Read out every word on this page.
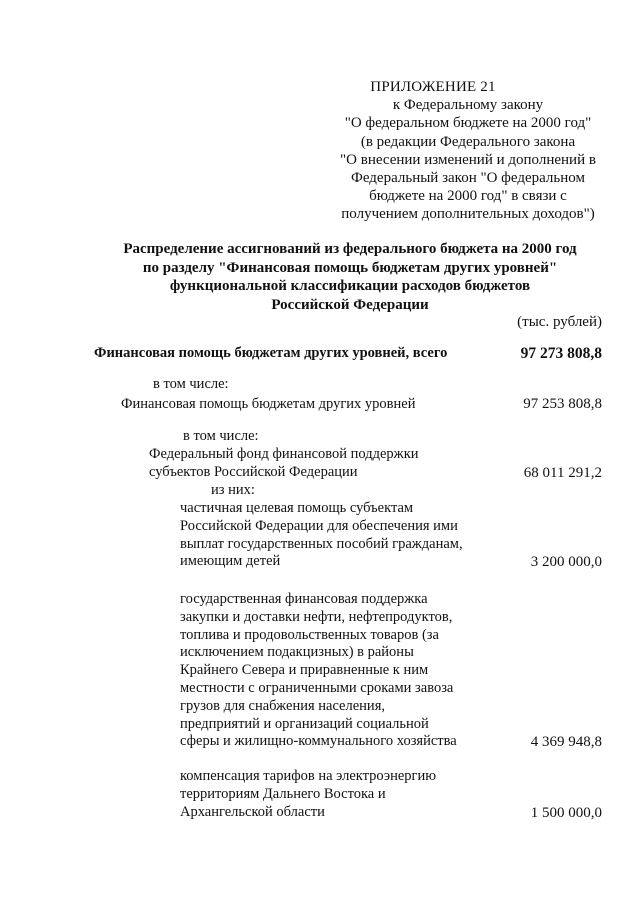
ПРИЛОЖЕНИЕ 21
к Федеральному закону
"О федеральном бюджете на 2000 год"
(в редакции Федерального закона
"О внесении изменений и дополнений в
Федеральный закон "О федеральном
бюджете на 2000 год" в связи с
получением дополнительных доходов")
Распределение ассигнований из федерального бюджета на 2000 год
по разделу "Финансовая помощь бюджетам других уровней"
функциональной классификации расходов бюджетов
Российской Федерации
(тыс. рублей)
Финансовая помощь бюджетам других уровней, всего	97 273 808,8
в том числе:
Финансовая помощь бюджетам других уровней	97 253 808,8
в том числе:
Федеральный фонд финансовой поддержки
субъектов Российской Федерации	68 011 291,2
из них:
частичная целевая помощь субъектам
Российской Федерации для обеспечения ими
выплат государственных пособий гражданам,
имеющим детей	3 200 000,0
государственная финансовая поддержка
закупки и доставки нефти, нефтепродуктов,
топлива и продовольственных товаров (за
исключением подакцизных) в районы
Крайнего Севера и приравненные к ним
местности с ограниченными сроками завоза
грузов для снабжения населения,
предприятий и организаций социальной
сферы и жилищно-коммунального хозяйства	4 369 948,8
компенсация тарифов на электроэнергию
территориям Дальнего Востока и
Архангельской области	1 500 000,0
